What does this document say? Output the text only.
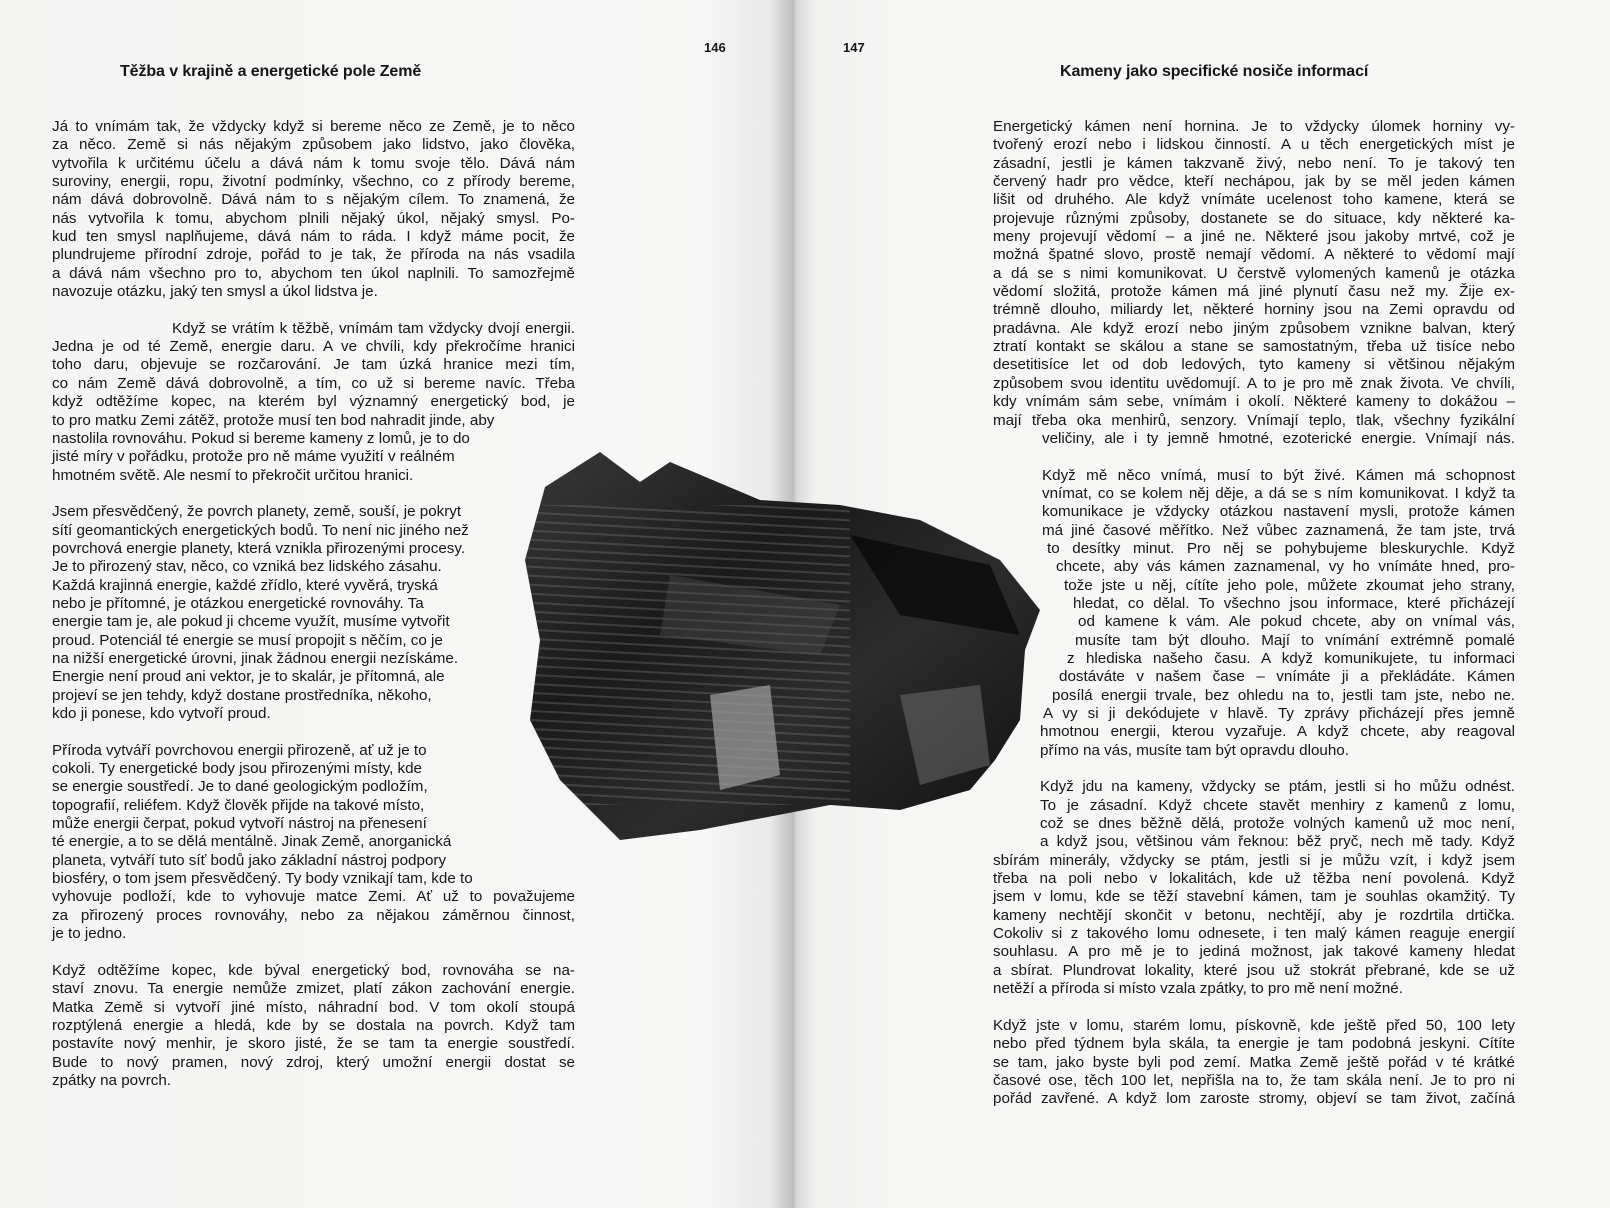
146	147
Těžba v krajině a energetické pole Země	Kameny jako specifické nosiče informací
Já to vnímám tak, že vždycky když si bereme něco ze Země, je to něco
za něco. Země si nás nějakým způsobem jako lidstvo, jako člověka,
vytvořila k určitému účelu a dává nám k tomu svoje tělo. Dává nám
suroviny, energii, ropu, životní podmínky, všechno, co z přírody bereme,
nám dává dobrovolně. Dává nám to s nějakým cílem. To znamená, že
nás vytvořila k tomu, abychom plnili nějaký úkol, nějaký smysl. Po-
kud ten smysl naplňujeme, dává nám to ráda. I když máme pocit, že
plundrujeme přírodní zdroje, pořád to je tak, že příroda na nás vsadila
a dává nám všechno pro to, abychom ten úkol naplnili. To samozřejmě
navozuje otázku, jaký ten smysl a úkol lidstva je.
Když se vrátím k těžbě, vnímám tam vždycky dvojí energii.
Jedna je od té Země, energie daru. A ve chvíli, kdy překročíme hranici
toho daru, objevuje se rozčarování. Je tam úzká hranice mezi tím,
co nám Země dává dobrovolně, a tím, co už si bereme navíc. Třeba
když odtěžíme kopec, na kterém byl významný energetický bod, je
to pro matku Zemi zátěž, protože musí ten bod nahradit jinde, aby
nastolila rovnováhu. Pokud si bereme kameny z lomů, je to do
jisté míry v pořádku, protože pro ně máme využití v reálném
hmotném světě. Ale nesmí to překročit určitou hranici.
Jsem přesvědčený, že povrch planety, země, souší, je pokryt
sítí geomantických energetických bodů. To není nic jiného než
povrchová energie planety, která vznikla přirozenými procesy.
Je to přirozený stav, něco, co vzniká bez lidského zásahu.
Každá krajinná energie, každé zřídlo, které vyvěrá, tryská
nebo je přítomné, je otázkou energetické rovnováhy. Ta
energie tam je, ale pokud ji chceme využít, musíme vytvořit
proud. Potenciál té energie se musí propojit s něčím, co je
na nižší energetické úrovni, jinak žádnou energii nezískáme.
Energie není proud ani vektor, je to skalár, je přítomná, ale
projeví se jen tehdy, když dostane prostředníka, někoho,
kdo ji ponese, kdo vytvoří proud.
Příroda vytváří povrchovou energii přirozeně, ať už je to
cokoli. Ty energetické body jsou přirozenými místy, kde
se energie soustředí. Je to dané geologickým podložím,
topografií, reliéfem. Když člověk přijde na takové místo,
může energii čerpat, pokud vytvoří nástroj na přenesení
té energie, a to se dělá mentálně. Jinak Země, anorganická
planeta, vytváří tuto síť bodů jako základní nástroj podpory
biosféry, o tom jsem přesvědčený. Ty body vznikají tam, kde to
vyhovuje podloží, kde to vyhovuje matce Zemi. Ať už to považujeme
za přirozený proces rovnováhy, nebo za nějakou záměrnou činnost,
je to jedno.
Když odtěžíme kopec, kde býval energetický bod, rovnováha se na-
staví znovu. Ta energie nemůže zmizet, platí zákon zachování energie.
Matka Země si vytvoří jiné místo, náhradní bod. V tom okolí stoupá
rozptýlená energie a hledá, kde by se dostala na povrch. Když tam
postavíte nový menhir, je skoro jisté, že se tam ta energie soustředí.
Bude to nový pramen, nový zdroj, který umožní energii dostat se
zpátky na povrch.
Energetický kámen není hornina. Je to vždycky úlomek horniny vy-
tvořený erozí nebo i lidskou činností. A u těch energetických míst je
zásadní, jestli je kámen takzvaně živý, nebo není. To je takový ten
červený hadr pro vědce, kteří nechápou, jak by se měl jeden kámen
lišit od druhého. Ale když vnímáte ucelenost toho kamene, která se
projevuje různými způsoby, dostanete se do situace, kdy některé ka-
meny projevují vědomí – a jiné ne. Některé jsou jakoby mrtvé, což je
možná špatné slovo, prostě nemají vědomí. A některé to vědomí mají
a dá se s nimi komunikovat. U čerstvě vylomených kamenů je otázka
vědomí složitá, protože kámen má jiné plynutí času než my. Žije ex-
trémně dlouho, miliardy let, některé horniny jsou na Zemi opravdu od
pradávna. Ale když erozí nebo jiným způsobem vznikne balvan, který
ztratí kontakt se skálou a stane se samostatným, třeba už tisíce nebo
desetitisíce let od dob ledových, tyto kameny si většinou nějakým
způsobem svou identitu uvědomují. A to je pro mě znak života. Ve chvíli,
kdy vnímám sám sebe, vnímám i okolí. Některé kameny to dokážou –
mají třeba oka menhirů, senzory. Vnímají teplo, tlak, všechny fyzikální
veličiny, ale i ty jemně hmotné, ezoterické energie. Vnímají nás.
Když mě něco vnímá, musí to být živé. Kámen má schopnost
vnímat, co se kolem něj děje, a dá se s ním komunikovat. I když ta
komunikace je vždycky otázkou nastavení mysli, protože kámen
má jiné časové měřítko. Než vůbec zaznamená, že tam jste, trvá
to desítky minut. Pro něj se pohybujeme bleskurychle. Když
chcete, aby vás kámen zaznamenal, vy ho vnímáte hned, pro-
tože jste u něj, cítíte jeho pole, můžete zkoumat jeho strany,
hledat, co dělal. To všechno jsou informace, které přicházejí
od kamene k vám. Ale pokud chcete, aby on vnímal vás,
musíte tam být dlouho. Mají to vnímání extrémně pomalé
z hlediska našeho času. A když komunikujete, tu informaci
dostáváte v našem čase – vnímáte ji a překládáte. Kámen
posílá energii trvale, bez ohledu na to, jestli tam jste, nebo ne.
A vy si ji dekódujete v hlavě. Ty zprávy přicházejí přes jemně
hmotnou energii, kterou vyzařuje. A když chcete, aby reagoval
přímo na vás, musíte tam být opravdu dlouho.
Když jdu na kameny, vždycky se ptám, jestli si ho můžu odnést.
To je zásadní. Když chcete stavět menhiry z kamenů z lomu,
což se dnes běžně dělá, protože volných kamenů už moc není,
a když jsou, většinou vám řeknou: běž pryč, nech mě tady. Když
sbírám minerály, vždycky se ptám, jestli si je můžu vzít, i když jsem
třeba na poli nebo v lokalitách, kde už těžba není povolená. Když
jsem v lomu, kde se těží stavební kámen, tam je souhlas okamžitý. Ty
kameny nechtějí skončit v betonu, nechtějí, aby je rozdrtila drtička.
Cokoliv si z takového lomu odnesete, i ten malý kámen reaguje energií
souhlasu. A pro mě je to jediná možnost, jak takové kameny hledat
a sbírat. Plundrovat lokality, které jsou už stokrát přebrané, kde se už
netěží a příroda si místo vzala zpátky, to pro mě není možné.
Když jste v lomu, starém lomu, pískovně, kde ještě před 50, 100 lety
nebo před týdnem byla skála, ta energie je tam podobná jeskyni. Cítíte
se tam, jako byste byli pod zemí. Matka Země ještě pořád v té krátké
časové ose, těch 100 let, nepřišla na to, že tam skála není. Je to pro ni
pořád zavřené. A když lom zaroste stromy, objeví se tam život, začíná
